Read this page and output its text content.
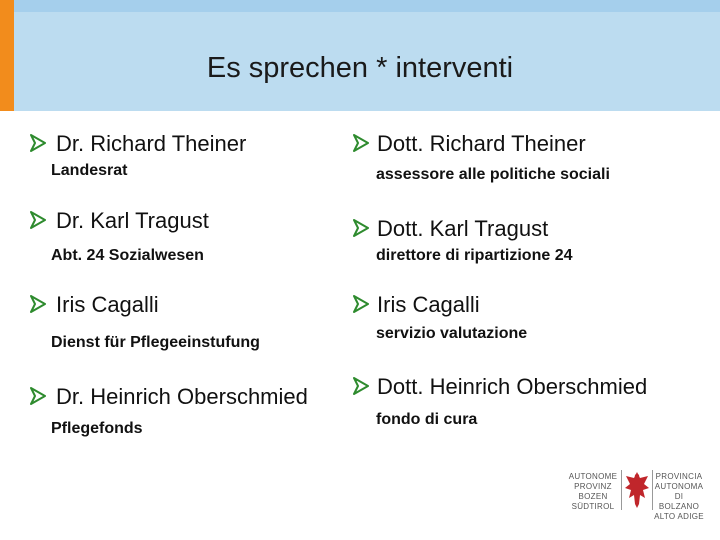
Es sprechen * interventi
Dr. Richard Theiner
Landesrat
Dr. Karl Tragust
Abt. 24 Sozialwesen
Iris Cagalli
Dienst für Pflegeeinstufung
Dr. Heinrich Oberschmied
Pflegefonds
Dott. Richard Theiner
assessore alle politiche sociali
Dott. Karl Tragust
direttore di ripartizione 24
Iris Cagalli
servizio valutazione
Dott. Heinrich Oberschmied
fondo di cura
AUTONOME
PROVINZ
BOZEN
SÜDTIROL
PROVINCIA
AUTONOMA
DI BOLZANO
ALTO ADIGE
